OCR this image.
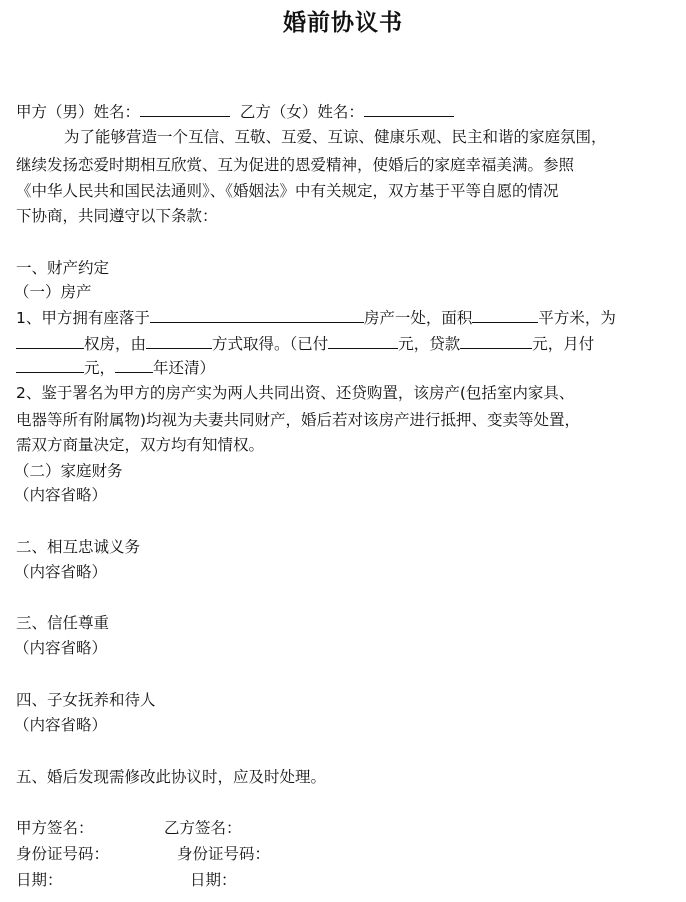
婚前协议书
甲方（男）姓名：	乙方（女）姓名：
为了能够营造一个互信、互敬、互爱、互谅、健康乐观、民主和谐的家庭氛围，
继续发扬恋爱时期相互欣赏、互为促进的恩爱精神，使婚后的家庭幸福美满。参照
《中华人民共和国民法通则》、《婚姻法》中有关规定，双方基于平等自愿的情况
下协商，共同遵守以下条款：
一、财产约定
（一）房产
1、甲方拥有座落于	房产一处，面积	平方米，为
权房，由	方式取得。（已付	元，贷款	元，月付
元， 年还清）
2、鉴于署名为甲方的房产实为两人共同出资、还贷购置，该房产(包括室内家具、
电器等所有附属物)均视为夫妻共同财产，婚后若对该房产进行抵押、变卖等处置，
需双方商量决定，双方均有知情权。
（二）家庭财务
（内容省略）
二、相互忠诚义务
（内容省略）
三、信任尊重
（内容省略）
四、子女抚养和待人
（内容省略）
五、婚后发现需修改此协议时，应及时处理。
甲方签名：	乙方签名：
身份证号码：	身份证号码：
日期：	日期：
